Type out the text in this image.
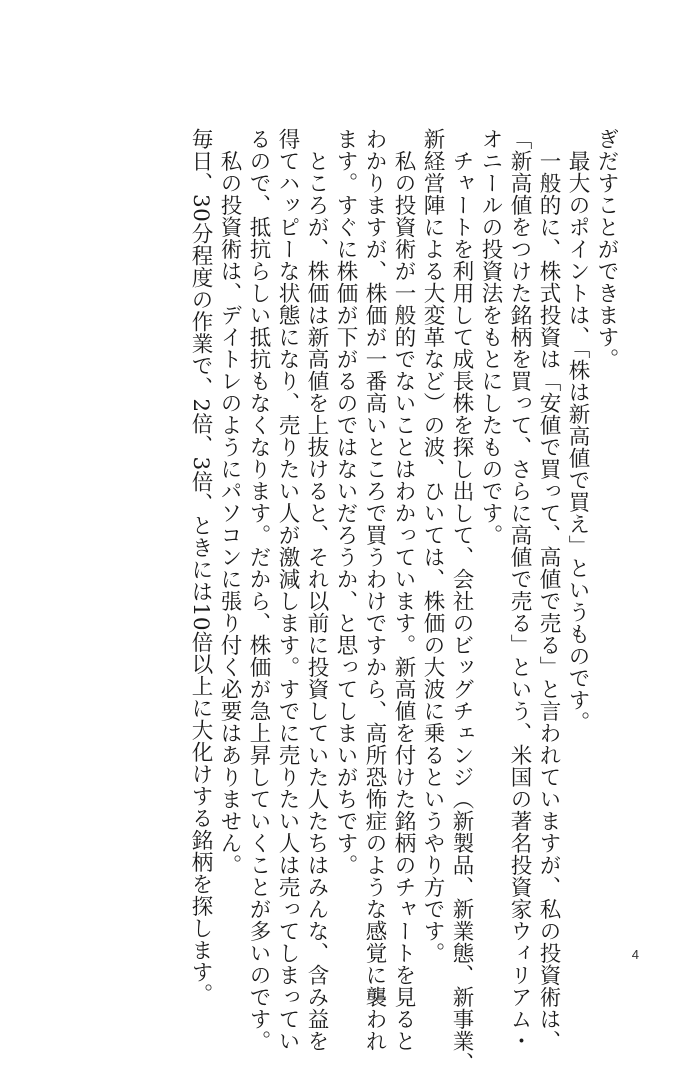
ぎだすことができます。

最大のポイントは、「株は新高値で買え」というものです。

一般的に、株式投資は「安値で買って、高値で売る」と言われていますが、私の投資術は、

「新高値をつけた銘柄を買って、さらに高値で売る」という、米国の著名投資家ウィリアム・

オニールの投資法をもとにしたものです。

チャートを利用して成長株を探し出して、会社のビッグチェンジ（新製品、新業態、新事業、

新経営陣による大変革など）の波、ひいては、株価の大波に乗るというやり方です。

私の投資術が一般的でないことはわかっています。新高値を付けた銘柄のチャートを見ると

わかりますが、株価が一番高いところで買うわけですから、高所恐怖症のような感覚に襲われ

ます。すぐに株価が下がるのではないだろうか、と思ってしまいがちです。

ところが、株価は新高値を上抜けると、それ以前に投資していた人たちはみんな、含み益を

得てハッピーな状態になり、売りたい人が激減します。すでに売りたい人は売ってしまってい

るので、抵抗らしい抵抗もなくなります。だから、株価が急上昇していくことが多いのです。

私の投資術は、デイトレのようにパソコンに張り付く必要はありません。

毎日、30分程度の作業で、2倍、3倍、ときには10倍以上に大化けする銘柄を探します。	4
